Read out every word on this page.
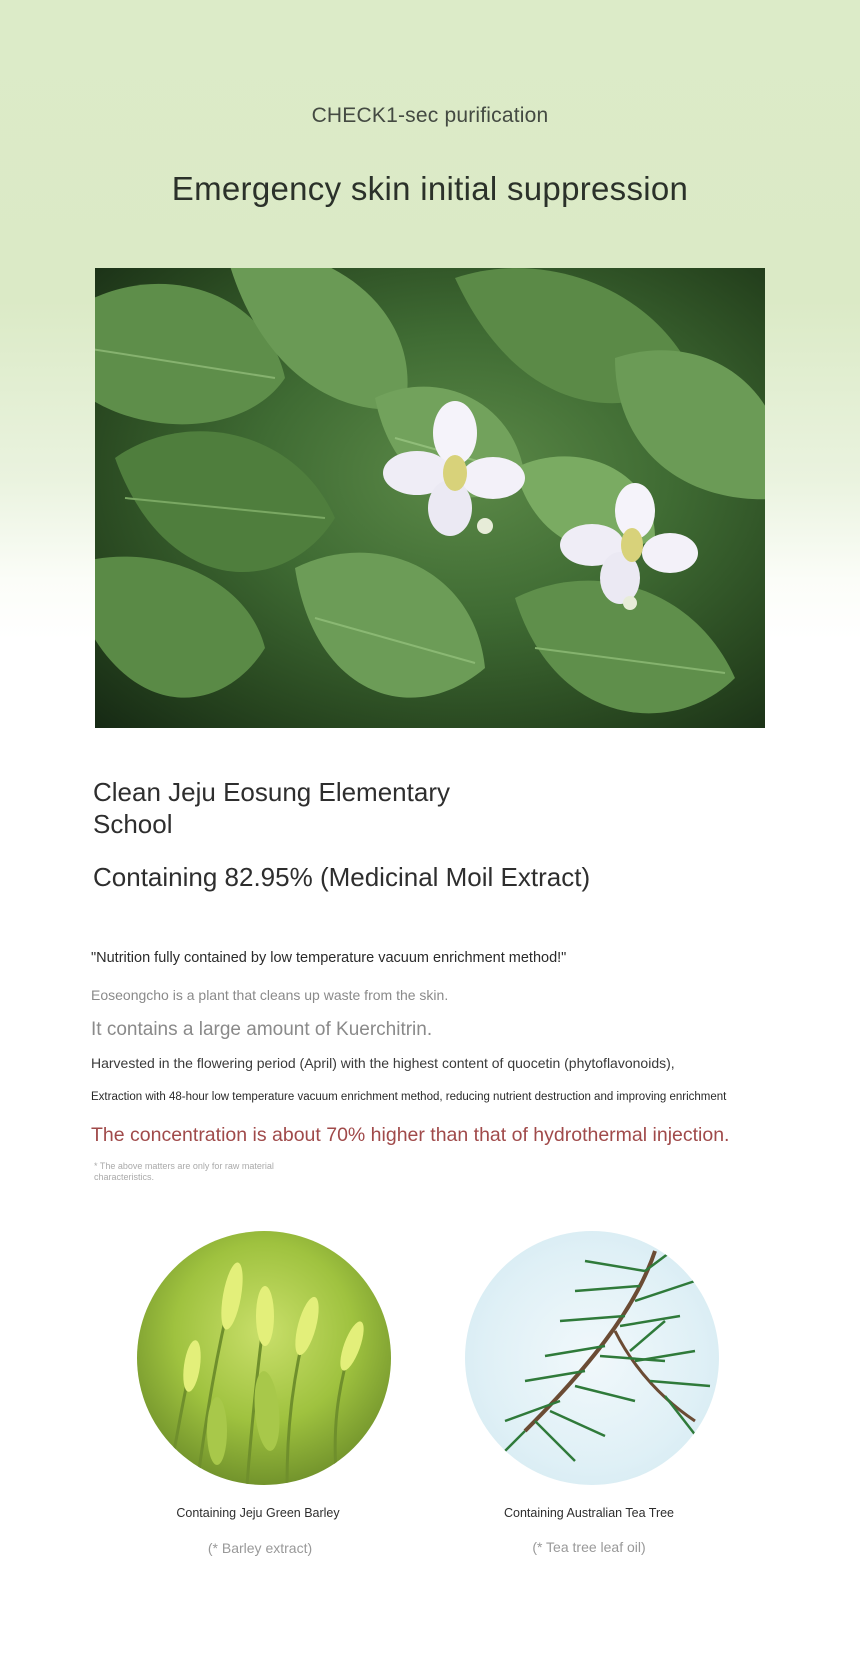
CHECK1-sec purification
Emergency skin initial suppression
Clean Jeju Eosung Elementary School
Containing 82.95% (Medicinal Moil Extract)
"Nutrition fully contained by low temperature vacuum enrichment method!"
Eoseongcho is a plant that cleans up waste from the skin.
It contains a large amount of Kuerchitrin.
Harvested in the flowering period (April) with the highest content of quocetin (phytoflavonoids),
Extraction with 48-hour low temperature vacuum enrichment method, reducing nutrient destruction and improving enrichment
The concentration is about 70% higher than that of hydrothermal injection.
* The above matters are only for raw material characteristics.
Containing Jeju Green Barley
(* Barley extract)
Containing Australian Tea Tree
(* Tea tree leaf oil)
